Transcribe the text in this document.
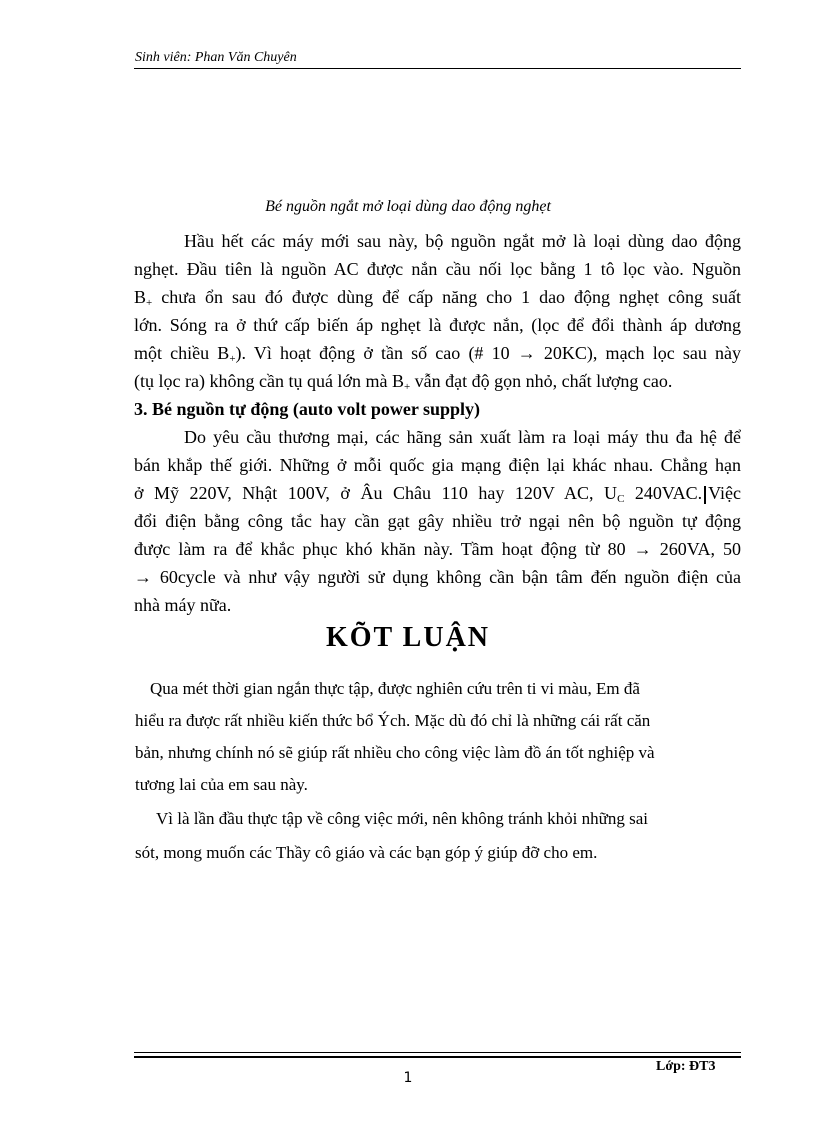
Sinh viên: Phan Văn Chuyên
Bé nguồn ngắt mở loại dùng dao động nghẹt
Hầu hết các máy mới sau này, bộ nguồn ngắt mở là loại dùng dao động
nghẹt. Đầu tiên là nguồn AC được nắn cầu nối lọc bằng 1 tô lọc vào. Nguồn
$B_+$ chưa ổn sau đó được dùng để cấp năng cho 1 dao động nghẹt công suất
lớn. Sóng ra ở thứ cấp biến áp nghẹt là được nắn, (lọc để đổi thành áp dương
một chiều $B_+$). Vì hoạt động ở tần số cao (# 10 → 20KC), mạch lọc sau này
(tụ lọc ra) không cần tụ quá lớn mà $B_+$ vẫn đạt độ gọn nhỏ, chất lượng cao.
3. Bé nguồn tự động (auto volt power supply)
Do yêu cầu thương mại, các hãng sản xuất làm ra loại máy thu đa hệ để
bán khắp thế giới. Những ở mỗi quốc gia mạng điện lại khác nhau. Chẳng hạn
ở Mỹ 220V, Nhật 100V, ở Âu Châu 110 hay 120V AC, $U_C$ 240VAC. Việc
đổi điện bằng công tắc hay cần gạt gây nhiều trở ngại nên bộ nguồn tự động
được làm ra để khắc phục khó khăn này. Tầm hoạt động từ 80 → 260VA, 50
→ 60cycle và như vậy người sử dụng không cần bận tâm đến nguồn điện của
nhà máy nữa.
KÕT LUẬN
Qua mét thời gian ngắn thực tập, được nghiên cứu trên ti vi màu, Em đã
hiểu ra được rất nhiều kiến thức bổ Ých. Mặc dù đó chỉ là những cái rất căn
bản, nhưng chính nó sẽ giúp rất nhiều cho công việc làm đồ án tốt nghiệp và
tương lai của em sau này.
Vì là lần đầu thực tập về công việc mới, nên không tránh khỏi những sai
sót, mong muốn các Thầy cô giáo và các bạn góp ý giúp đỡ cho em.
Lớp: ĐT3
1
